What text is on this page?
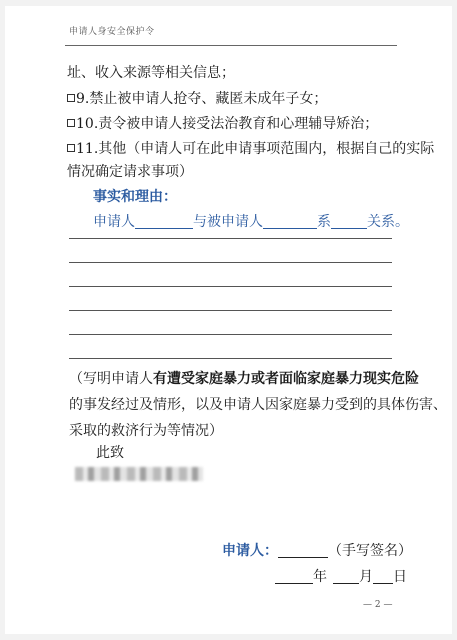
申请人身安全保护令
址、收入来源等相关信息；
9.禁止被申请人抢夺、藏匿未成年子女；
10.责令被申请人接受法治教育和心理辅导矫治；
11.其他（申请人可在此申请事项范围内，根据自己的实际
情况确定请求事项）
事实和理由：
申请人	与被申请人	系	关系。
（写明申请人有遭受家庭暴力或者面临家庭暴力现实危险
的事发经过及情形，以及申请人因家庭暴力受到的具体伤害、
采取的救济行为等情况）
此致
申请人：	（手写签名）
年 月 日
— 2 —
